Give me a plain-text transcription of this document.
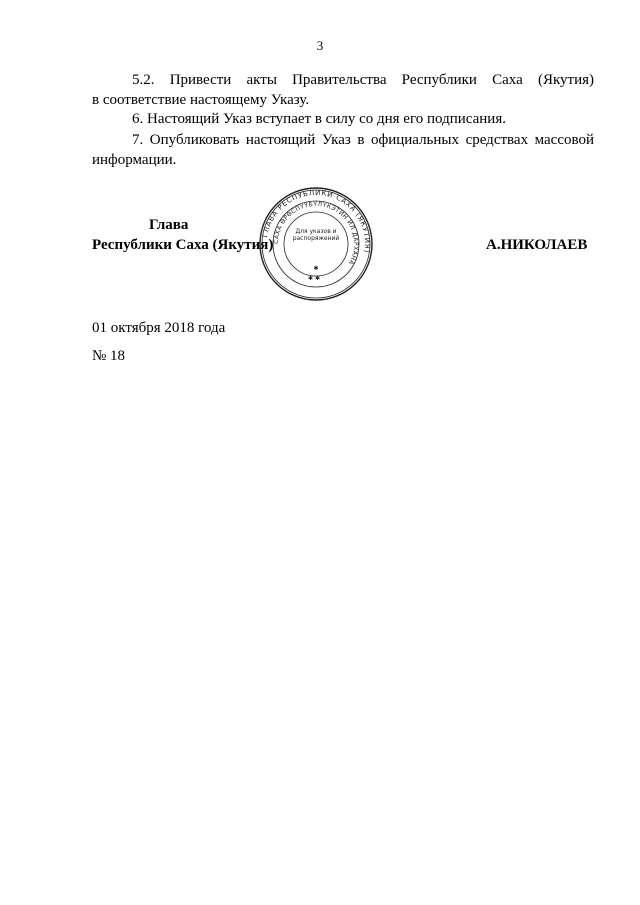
3
5.2. Привести акты Правительства Республики Саха (Якутия)
в соответствие настоящему Указу.
6. Настоящий Указ вступает в силу со дня его подписания.
7. Опубликовать настоящий Указ в официальных средствах массовой
информации.
Глава
Республики Саха (Якутия)	А.НИКОЛАЕВ
ГЛАВА РЕСПУБЛИКИ САХА (ЯКУТИЯ)
САХА ӨРӨСПҮҮБҮЛҮКЭТИН ИЛ ДАРХАНА
Для указов и распоряжений
✱
✱ ✱
01 октября 2018 года
№ 18
